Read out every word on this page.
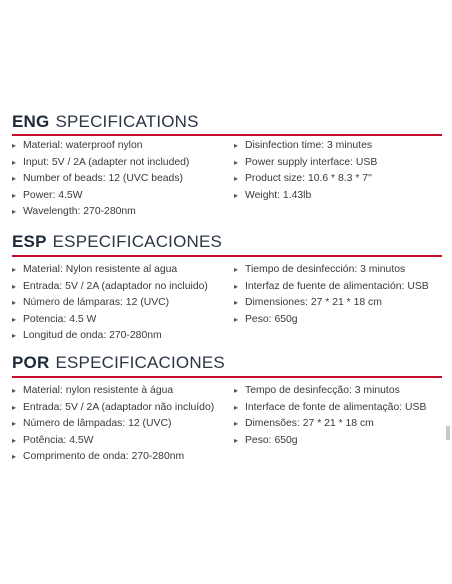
ENG SPECIFICATIONS
▸ Material: waterproof nylon
▸ Input: 5V / 2A (adapter not included)
▸ Number of beads: 12 (UVC beads)
▸ Power: 4.5W
▸ Wavelength: 270-280nm
▸ Disinfection time: 3 minutes
▸ Power supply interface: USB
▸ Product size: 10.6 * 8.3 * 7''
▸ Weight: 1.43lb
ESP ESPECIFICACIONES
▸ Material: Nylon resistente al agua
▸ Entrada: 5V / 2A (adaptador no incluido)
▸ Número de lámparas: 12 (UVC)
▸ Potencia: 4.5 W
▸ Longitud de onda: 270-280nm
▸ Tiempo de desinfección: 3 minutos
▸ Interfaz de fuente de alimentación: USB
▸ Dimensiones: 27 * 21 * 18 cm
▸ Peso: 650g
POR ESPECIFICACIONES
▸ Material: nylon resistente à água
▸ Entrada: 5V / 2A (adaptador não incluído)
▸ Número de lâmpadas: 12 (UVC)
▸ Potência: 4.5W
▸ Comprimento de onda: 270-280nm
▸ Tempo de desinfecção: 3 minutos
▸ Interface de fonte de alimentação: USB
▸ Dimensões: 27 * 21 * 18 cm
▸ Peso: 650g
